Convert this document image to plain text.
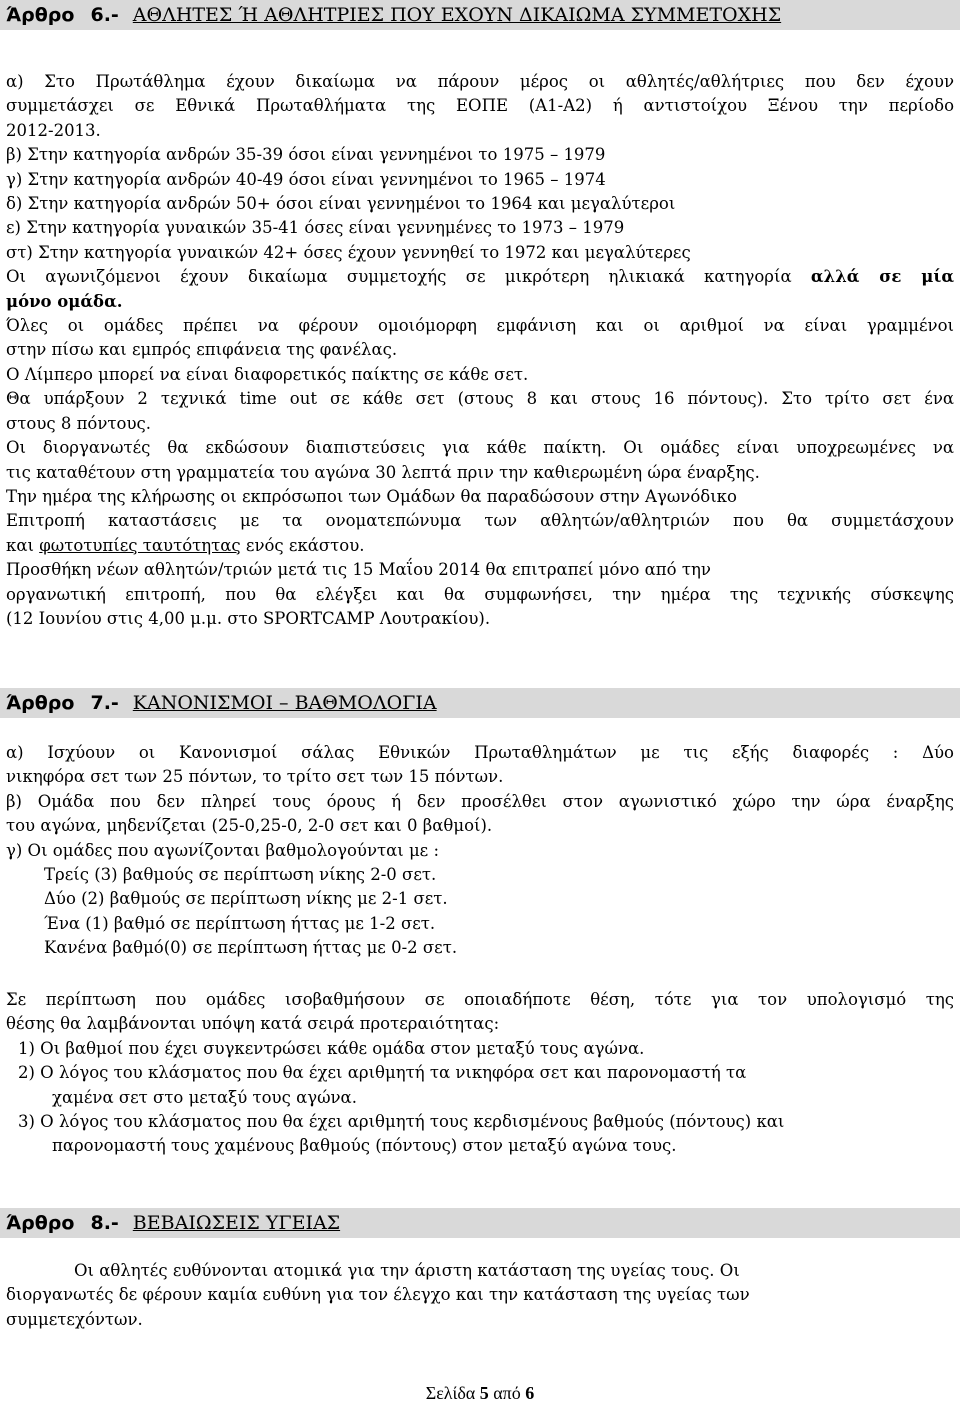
Άρθρο 6.- ΑΘΛΗΤΕΣ Ή ΑΘΛΗΤΡΙΕΣ ΠΟΥ ΕΧΟΥΝ ΔΙΚΑΙΩΜΑ ΣΥΜΜΕΤΟΧΗΣ
α) Στο Πρωτάθλημα έχουν δικαίωμα να πάρουν μέρος οι αθλητές/αθλήτριες που δεν έχουν
συμμετάσχει σε Εθνικά Πρωταθλήματα της ΕΟΠΕ (Α1-Α2) ή αντιστοίχου Ξένου την περίοδο
2012-2013.
β) Στην κατηγορία ανδρών 35-39 όσοι είναι γεννημένοι το 1975 – 1979
γ) Στην κατηγορία ανδρών 40-49 όσοι είναι γεννημένοι το 1965 – 1974
δ) Στην κατηγορία ανδρών 50+ όσοι είναι γεννημένοι το 1964 και μεγαλύτεροι
ε) Στην κατηγορία γυναικών 35-41 όσες είναι γεννημένες το 1973 – 1979
στ) Στην κατηγορία γυναικών 42+ όσες έχουν γεννηθεί το 1972 και μεγαλύτερες
Οι αγωνιζόμενοι έχουν δικαίωμα συμμετοχής σε μικρότερη ηλικιακά κατηγορία αλλά σε μία
μόνο ομάδα.
Όλες οι ομάδες πρέπει να φέρουν ομοιόμορφη εμφάνιση και οι αριθμοί να είναι γραμμένοι
στην πίσω και εμπρός επιφάνεια της φανέλας.
Ο Λίμπερο μπορεί να είναι διαφορετικός παίκτης σε κάθε σετ.
Θα υπάρξουν 2 τεχνικά time out σε κάθε σετ (στους 8 και στους 16 πόντους). Στο τρίτο σετ ένα
στους 8 πόντους.
Οι διοργανωτές θα εκδώσουν διαπιστεύσεις για κάθε παίκτη. Οι ομάδες είναι υποχρεωμένες να
τις καταθέτουν στη γραμματεία του αγώνα 30 λεπτά πριν την καθιερωμένη ώρα έναρξης.
Την ημέρα της κλήρωσης οι εκπρόσωποι των Ομάδων θα παραδώσουν στην Αγωνόδικο
Επιτροπή καταστάσεις με τα ονοματεπώνυμα των αθλητών/αθλητριών που θα συμμετάσχουν
και φωτοτυπίες ταυτότητας ενός εκάστου.
Προσθήκη νέων αθλητών/τριών μετά τις 15 Μαΐου 2014 θα επιτραπεί μόνο από την
οργανωτική επιτροπή, που θα ελέγξει και θα συμφωνήσει, την ημέρα της τεχνικής σύσκεψης
(12 Ιουνίου στις 4,00 μ.μ. στο SPORTCAMP Λουτρακίου).
Άρθρο 7.- ΚΑΝΟΝΙΣΜΟΙ – ΒΑΘΜΟΛΟΓΙΑ
α) Ισχύουν οι Κανονισμοί σάλας Εθνικών Πρωταθλημάτων με τις εξής διαφορές : Δύο
νικηφόρα σετ των 25 πόντων, το τρίτο σετ των 15 πόντων.
β) Ομάδα που δεν πληρεί τους όρους ή δεν προσέλθει στον αγωνιστικό χώρο την ώρα έναρξης
του αγώνα, μηδενίζεται (25-0,25-0, 2-0 σετ και 0 βαθμοί).
γ) Οι ομάδες που αγωνίζονται βαθμολογούνται με :
Τρείς (3) βαθμούς σε περίπτωση νίκης 2-0 σετ.
Δύο (2) βαθμούς σε περίπτωση νίκης με 2-1 σετ.
Ένα (1) βαθμό σε περίπτωση ήττας με 1-2 σετ.
Κανένα βαθμό(0) σε περίπτωση ήττας με 0-2 σετ.
Σε περίπτωση που ομάδες ισοβαθμήσουν σε οποιαδήποτε θέση, τότε για τον υπολογισμό της
θέσης θα λαμβάνονται υπόψη κατά σειρά προτεραιότητας:
1) Οι βαθμοί που έχει συγκεντρώσει κάθε ομάδα στον μεταξύ τους αγώνα.
2) Ο λόγος του κλάσματος που θα έχει αριθμητή τα νικηφόρα σετ και παρονομαστή τα
χαμένα σετ στο μεταξύ τους αγώνα.
3) Ο λόγος του κλάσματος που θα έχει αριθμητή τους κερδισμένους βαθμούς (πόντους) και
παρονομαστή τους χαμένους βαθμούς (πόντους) στον μεταξύ αγώνα τους.
Άρθρο 8.- ΒΕΒΑΙΩΣΕΙΣ ΥΓΕΙΑΣ
Οι αθλητές ευθύνονται ατομικά για την άριστη κατάσταση της υγείας τους. Οι
διοργανωτές δε φέρουν καμία ευθύνη για τον έλεγχο και την κατάσταση της υγείας των
συμμετεχόντων.
Σελίδα 5 από 6
